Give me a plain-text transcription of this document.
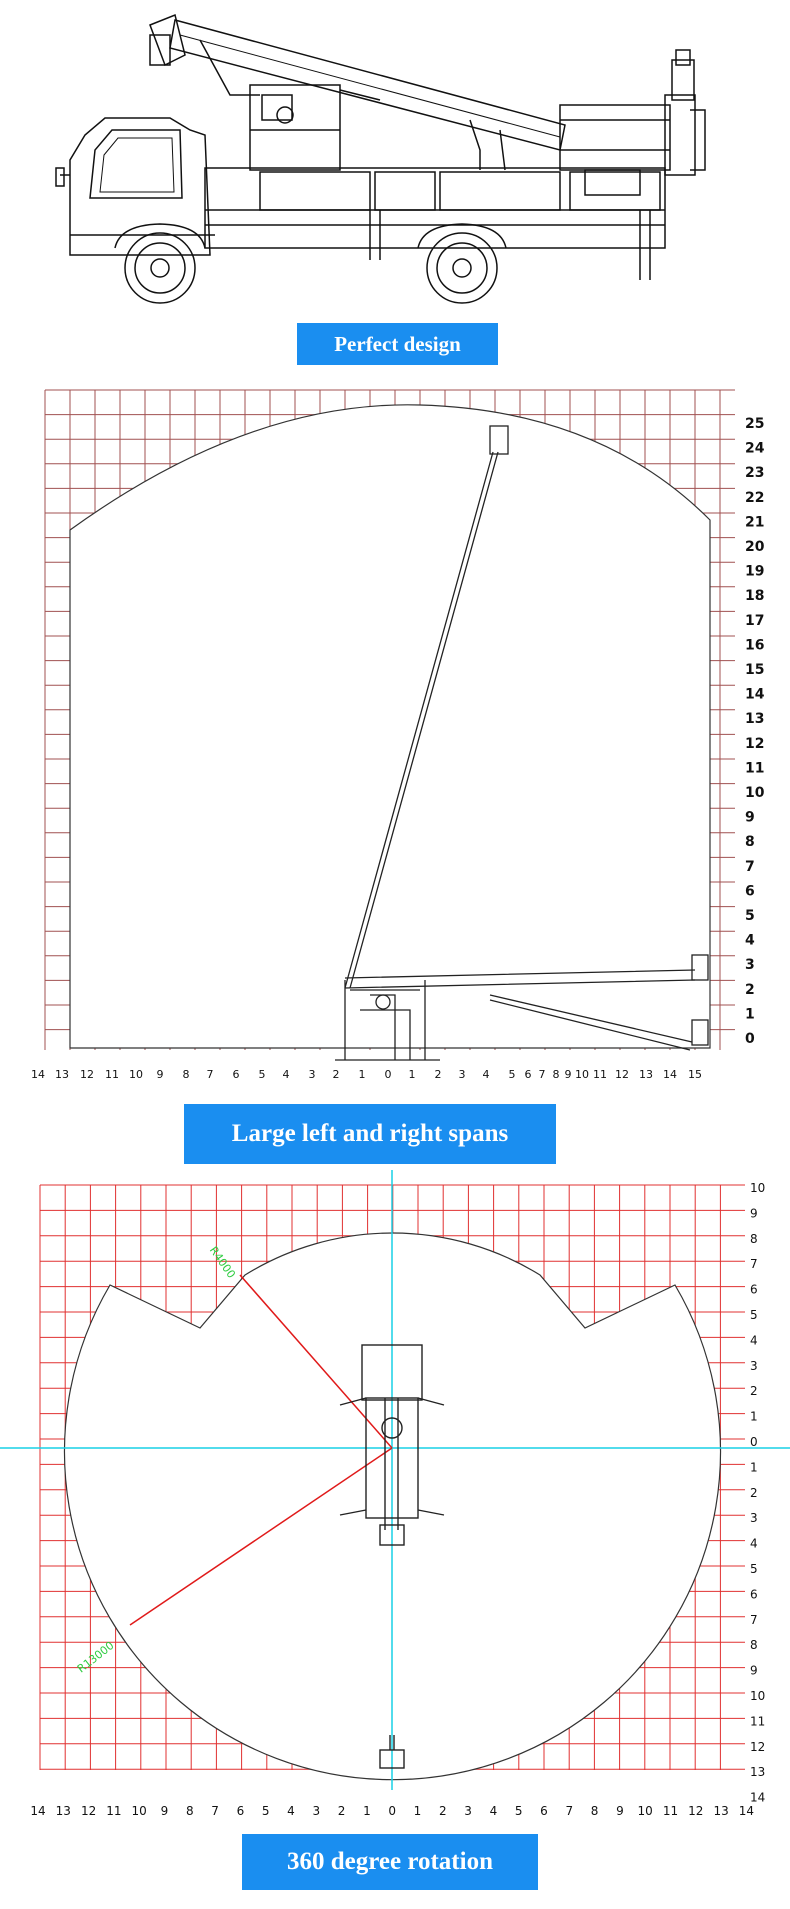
Perfect design
25
24
23
22
21
20
19
18
17
16
15
14
13
12
11
10
9
8
7
6
5
4
3
2
1
0
14 13 12 11 10 9 8 7 6 5 4 3 2 1 0 1 2 3 4 5 6 7 8 9 10 11 12 13 14 15
Large left and right spans
R4000
R13000
10
9
8
7
6
5
4
3
2
1
0
1
2
3
4
5
6
7
8
9
10
11
12
13
14
14 13 12 11 10 9 8 7 6 5 4 3 2 1 0 1 2 3 4 5 6 7 8 9 10 11 12 13 14
360 degree rotation
